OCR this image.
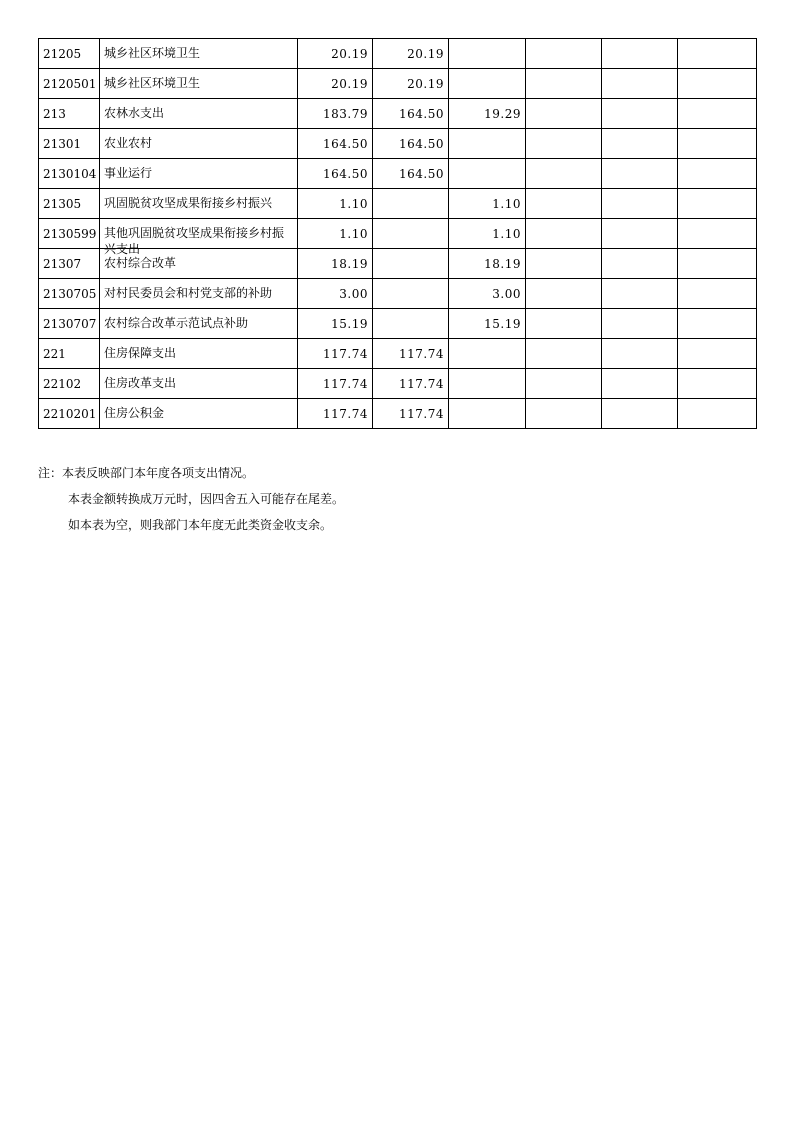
21205	城乡社区环境卫生	20.19	20.19				
2120501	城乡社区环境卫生	20.19	20.19				
213	农林水支出	183.79	164.50	19.29			
21301	农业农村	164.50	164.50				
2130104	事业运行	164.50	164.50				
21305	巩固脱贫攻坚成果衔接乡村振兴	1.10		1.10			
2130599	其他巩固脱贫攻坚成果衔接乡村振兴支出	1.10		1.10			
21307	农村综合改革	18.19		18.19			
2130705	对村民委员会和村党支部的补助	3.00		3.00			
2130707	农村综合改革示范试点补助	15.19		15.19			
221	住房保障支出	117.74	117.74				
22102	住房改革支出	117.74	117.74				
2210201	住房公积金	117.74	117.74				
注：本表反映部门本年度各项支出情况。
本表金额转换成万元时，因四舍五入可能存在尾差。
如本表为空，则我部门本年度无此类资金收支余。
